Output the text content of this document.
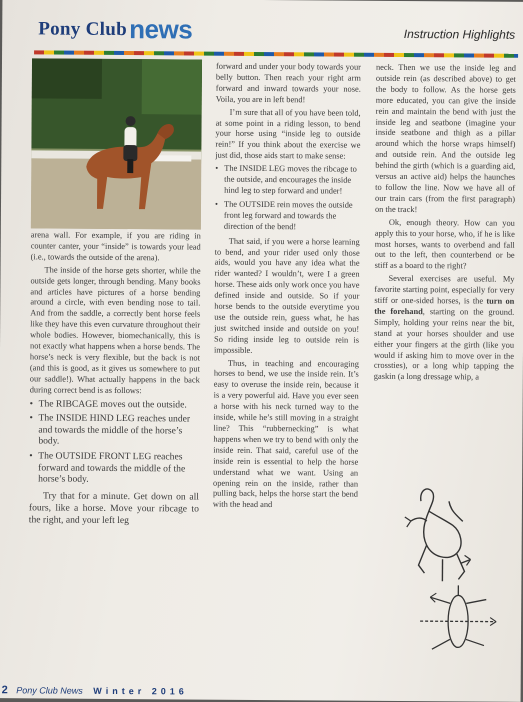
Pony Club news	Instruction Highlights

arena wall. For example, if you are riding in counter canter, your “inside” is towards your lead (i.e., towards the outside of the arena).

The inside of the horse gets shorter, while the outside gets longer, through bending. Many books and articles have pictures of a horse bending around a circle, with even bending nose to tail. And from the saddle, a correctly bent horse feels like they have this even curvature throughout their whole bodies. However, biomechanically, this is not exactly what happens when a horse bends. The horse’s neck is very flexible, but the back is not (and this is good, as it gives us somewhere to put our saddle!). What actually happens in the back during correct bend is as follows:

• The RIBCAGE moves out the outside.
• The INSIDE HIND LEG reaches under and towards the middle of the horse’s body.
• The OUTSIDE FRONT LEG reaches forward and towards the middle of the horse’s body.

Try that for a minute. Get down on all fours, like a horse. Move your ribcage to the right, and your left leg

forward and under your body towards your belly button. Then reach your right arm forward and inward towards your nose. Voila, you are in left bend!

I’m sure that all of you have been told, at some point in a riding lesson, to bend your horse using “inside leg to outside rein!” If you think about the exercise we just did, those aids start to make sense:

• The INSIDE LEG moves the ribcage to the outside, and encourages the inside hind leg to step forward and under!
• The OUTSIDE rein moves the outside front leg forward and towards the direction of the bend!

That said, if you were a horse learning to bend, and your rider used only those aids, would you have any idea what the rider wanted? I wouldn’t, were I a green horse. These aids only work once you have defined inside and outside. So if your horse bends to the outside everytime you use the outside rein, guess what, he has just switched inside and outside on you! So riding inside leg to outside rein is impossible.

Thus, in teaching and encouraging horses to bend, we use the inside rein. It’s easy to overuse the inside rein, because it is a very powerful aid. Have you ever seen a horse with his neck turned way to the inside, while he’s still moving in a straight line? This “rubbernecking” is what happens when we try to bend with only the inside rein. That said, careful use of the inside rein is essential to help the horse understand what we want. Using an opening rein on the inside, rather than pulling back, helps the horse start the bend with the head and

neck. Then we use the inside leg and outside rein (as described above) to get the body to follow. As the horse gets more educated, you can give the inside rein and maintain the bend with just the inside leg and seatbone (imagine your inside seatbone and thigh as a pillar around which the horse wraps himself) and outside rein. And the outside leg behind the girth (which is a guarding aid, versus an active aid) helps the haunches to follow the line. Now we have all of our train cars (from the first paragraph) on the track!

Ok, enough theory. How can you apply this to your horse, who, if he is like most horses, wants to overbend and fall out to the left, then counterbend or be stiff as a board to the right?

Several exercises are useful. My favorite starting point, especially for very stiff or one-sided horses, is the turn on the forehand, starting on the ground. Simply, holding your reins near the bit, stand at your horses shoulder and use either your fingers at the girth (like you would if asking him to move over in the crossties), or a long whip tapping the gaskin (a long dressage whip, a

2 Pony Club News Winter 2016
